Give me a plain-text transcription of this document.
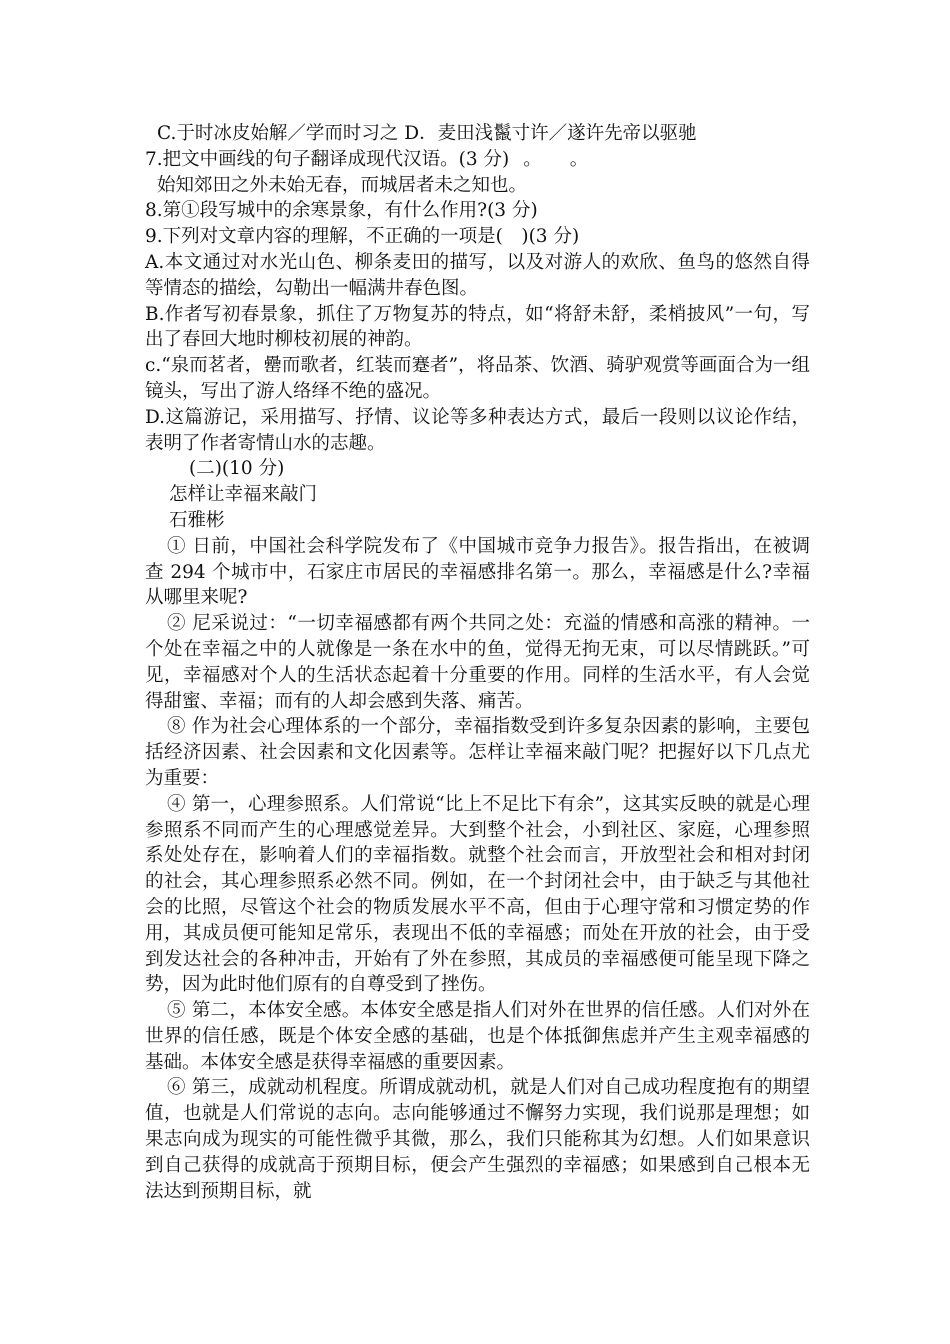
C.于时冰皮始解／学而时习之 D．麦田浅鬣寸许／遂许先帝以驱驰
7.把文中画线的句子翻译成现代汉语。(3 分) 。 。
始知郊田之外未始无春，而城居者未之知也。
8.第①段写城中的余寒景象，有什么作用?(3 分)
9.下列对文章内容的理解，不正确的一项是(　)(3 分)
A.本文通过对水光山色、柳条麦田的描写，以及对游人的欢欣、鱼鸟的悠然自得等情态的描绘，勾勒出一幅满井春色图。
B.作者写初春景象，抓住了万物复苏的特点，如“将舒未舒，柔梢披风”一句，写出了春回大地时柳枝初展的神韵。
c.“泉而茗者，罍而歌者，红装而蹇者”，将品茶、饮酒、骑驴观赏等画面合为一组镜头，写出了游人络绎不绝的盛况。
D.这篇游记，采用描写、抒情、议论等多种表达方式，最后一段则以议论作结，表明了作者寄情山水的志趣。
(二)(10 分)
怎样让幸福来敲门
石雅彬

① 日前，中国社会科学院发布了《中国城市竞争力报告》。报告指出，在被调查 294 个城市中，石家庄市居民的幸福感排名第一。那么，幸福感是什么?幸福从哪里来呢?

② 尼采说过：“一切幸福感都有两个共同之处：充溢的情感和高涨的精神。一个处在幸福之中的人就像是一条在水中的鱼，觉得无拘无束，可以尽情跳跃。”可见，幸福感对个人的生活状态起着十分重要的作用。同样的生活水平，有人会觉得甜蜜、幸福；而有的人却会感到失落、痛苦。

⑧ 作为社会心理体系的一个部分，幸福指数受到许多复杂因素的影响，主要包括经济因素、社会因素和文化因素等。怎样让幸福来敲门呢？把握好以下几点尤为重要：

④ 第一，心理参照系。人们常说“比上不足比下有余”，这其实反映的就是心理参照系不同而产生的心理感觉差异。大到整个社会，小到社区、家庭，心理参照系处处存在，影响着人们的幸福指数。就整个社会而言，开放型社会和相对封闭的社会，其心理参照系必然不同。例如，在一个封闭社会中，由于缺乏与其他社会的比照，尽管这个社会的物质发展水平不高，但由于心理守常和习惯定势的作用，其成员便可能知足常乐，表现出不低的幸福感；而处在开放的社会，由于受到发达社会的各种冲击，开始有了外在参照，其成员的幸福感便可能呈现下降之势，因为此时他们原有的自尊受到了挫伤。

⑤ 第二，本体安全感。本体安全感是指人们对外在世界的信任感。人们对外在世界的信任感，既是个体安全感的基础，也是个体抵御焦虑并产生主观幸福感的基础。本体安全感是获得幸福感的重要因素。

⑥ 第三，成就动机程度。所谓成就动机，就是人们对自己成功程度抱有的期望值，也就是人们常说的志向。志向能够通过不懈努力实现，我们说那是理想；如果志向成为现实的可能性微乎其微，那么，我们只能称其为幻想。人们如果意识到自己获得的成就高于预期目标，便会产生强烈的幸福感；如果感到自己根本无法达到预期目标，就
